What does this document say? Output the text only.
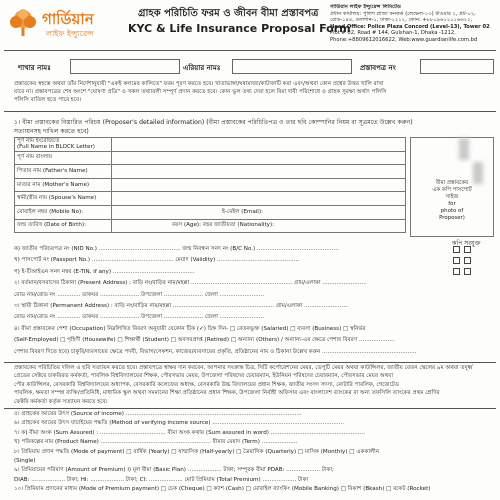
গার্ডিয়ান
লাইফ ইন্স্যুরেন্স
গ্রাহক পরিচিতি ফরম ও জীবন বীমা প্রস্তাবপত্র
KYC & Life Insurance Proposal Form
গার্ডিয়ান লাইফ ইন্স্যুরেন্স লিমিটেড
প্রধান কার্যালয়: পুলিশ প্লাজা কনকর্ড (লেভেল-১৩) টাওয়ার ২, প্লট-০২,
রোড-১৪৪, গুলশান-১, ঢাকা-১২১২, ফোন: +৮৮০৯৬১২০১৬৬২২,
Head Office: Police Plaza Concord (Level-13), Tower 02
Plot # 02, Road # 144, Gulshan-1, Dhaka -1212,
Phone:+8809612016622, Web:www.guardianlife.com.bd
শাখার নামঃ	এরিয়ার নামঃ	প্রস্তাবপত্র নং
প্রস্তাবকের স্বহস্তে অথবা তাঁর নির্দেশানুযায়ী "একই কলমের কালিতে" ফরম পূরণ করতে হবে। খাতাভাঙ্গা/ঘষামাজা/কাটাকাটি করা এবং/অথবা কোন প্রশ্নের উত্তর খালি রাখা
যাবে না। প্রস্তাবপত্রের শেষ অংশে "ঘোষণা প্রত্রি" ও সকল তথ্যাবলী সম্পূর্ণ প্রদান করতে হবে। কোন ভুল তথ্য দেয়া হলে বিমা দাবী পরিশোধে ও গ্রাহক সুরক্ষা অর্থাৎ পলিসি
পলিসি বাতিল হতে পারে হবে।
১। বীমা প্রস্তাবকের বিস্তারিত পরিচয় (Proposer's detailed information) (বীমা প্রস্তাবকের পরিচিতিপত্র ও তার ছবি কোম্পানির নিয়ম বা সূত্রমতে উল্লেখ করুন)
সত্যায়নসহ দাখিল করতে হবে)
পূর্ণ নাম ইংরেজিতে
(Full Name in BLOCK Letter)	

পূর্ণ নাম বাংলায়	
পিতার নাম (Father's Name)	
মাতার নাম (Mother's Name)	
স্বামী/স্ত্রীর নাম (Spouse's Name)	
মোবাইল নম্বর (Mobile No):	ই-মেইল (Email):
জন্ম তারিখ (Date of Birth):	বয়স (Age): বছর জাতীয়তা (Nationality):
বীমা প্রস্তাবকের
এক কপি পাসপোর্ট
সাইজ
for
photo of
Proposer)
কপি সংযুক্ত
ক) জাতীয় পরিচয়পত্র নং (NID No.) .............................................. জন্ম নিবন্ধন সনদ নং (B/C No.) ..............................................
খ) পাসপোর্ট নং (Passport No.) .............................................. মেয়াদ (Validity) ..............................................
গ) ই-টিআইএন সনদ নম্বর (E-TIN, if any) ..............................................
২। বর্তমান/বসবাসের ঠিকানা (Present Address) : বাড়ি নং/বাড়ির নাম/মহল্লা ......................................................... গ্রাম/এলাকা .........................
রোড নাম/রোড নং ............. ডাকঘর ...................... উপজেলা ...................... জেলা .........................
৩। স্থায়ী ঠিকানা (Permanent Address) : বাড়ি নং/বাড়ির নাম/মহল্লা ......................................................... গ্রাম/এলাকা .........................
রোড নাম/রোড নং ............. ডাকঘর ...................... উপজেলা ...................... জেলা .........................
৪। বীমা প্রস্তাবকের পেশা (Occupation) নিম্নলিখিত বিবরণ অনুযায়ী যেকোন টিক (✓) চিহ্ন দিন- □ বেতনভুক্ত (Salaried) □ ব্যবসা (Business) □ স্বনির্ভর
(Self-Employed) □ গৃহিণী (Housewife) □ শিক্ষার্থী (Student) □ অবসরপ্রাপ্ত (Retired) □ অন্যান্য (Others) / অন্যান্য-এর ক্ষেত্রে পেশার বিবরণ ....................
পেশার বিবরণ দিতে হবে) চাকুরি/ব্যবসায়ের ক্ষেত্রে পদবী, বিভাগ/সেকশন, কাজের/ব্যবসায়ের প্রকৃতি, প্রতিষ্ঠানের নাম ও ঠিকানা উল্লেখ করুন .....................................................

প্রস্তাবকের পরিচিতির দলিল ও ছবি সত্যায়ন করতে হবে। প্রস্তাবপত্রে স্বাক্ষর দান করবেন, আপনার সংক্রান্ত চিত্র, সিটি কর্পোরেশনের মেয়র, ডেপুটি মেয়র অথবা কাউন্সিলর, জাতীয় বেতন স্কেলের ৯ম অথবা তদূর্ধ্ব
গ্রেডের সেক্টরে চাকরিরত কর্মকর্তা, পাবলিক বিশ্ববিদ্যালয়ের শিক্ষক, পৌরসভার মেয়র, উপজেলা পরিষদের চেয়ারম্যান, ইউনিয়ন পরিষদের চেয়ারম্যান, পৌরসভার মেয়র অথবা
পৌর কাউন্সিলর, বেসরকারি বিশ্ববিদ্যালয়ের অধ্যাপক, বেসরকারি কলেজের অধ্যক্ষ, বেসরকারি উচ্চ বিদ্যালয়ের প্রধান শিক্ষক, জাতীয় সংসদ সদস্য, নোটারি পাবলিক, গেজেটেড
পাবলিক, ক্ষমতা সম্পন্ন ব্যক্তি/প্রতিনিধি, মাধ্যমিক স্কুল অথবা সমমানের শিক্ষা প্রতিষ্ঠানের প্রধান শিক্ষক, উপজেলা নির্বাহী অফিসার এবং বাংলাদেশ ব্যাংকের বা অন্য তফসিলি ব্যাংকের প্রথম শ্রেণির
ফেক্টরি কর্মকর্তা কর্তৃক সত্যায়ন করতে হবে।
৫। গ্রাহকের আয়ের উৎস (Source of income) ...................................................................................................
৬। গ্রাহকের আয়ের উৎস যাচাইয়ের পদ্ধতি (Method of verifying income source) ..........................................................................
৭। ক) বীমা অংক (Sum Assured) : ..................................... বীমা অংক কথায় (Sum assured in word) .....................................................
খ) পরিকল্পের নাম (Product Name) .............................................................. বীমার মেয়াদ (Term) ....................
৮। প্রিমিয়াম প্রদান পদ্ধতি (Mode of payment) □ বার্ষিক (Yearly) □ ষান্মাসিক (Half-yearly) □ ত্রৈমাসিক (Quarterly) □ মাসিক (Monthly) □ এককালীন
(Single)
৯। প্রিমিয়ামের পরিমাণ (Amount of Premium) i) মূল বীমা (Basic Plan) ................... টাকা; সম্পূরক বীমা PDAB: ................... টাকা;
DIAB: ................... টাকা; HI: ................... টাকা; CI: ................... মোট প্রিমিয়াম (Total Premium) ................... টাকা
১০। প্রিমিয়াম প্রদানের মাধ্যম (Mode of Premium payment) □ চেক (Cheque) □ ক্যাশ (Cash) □ মোবাইল ব্যাংকিং (Mobile Banking) □ বিকাশ (Bkash) □ রকেট (Rocket)
